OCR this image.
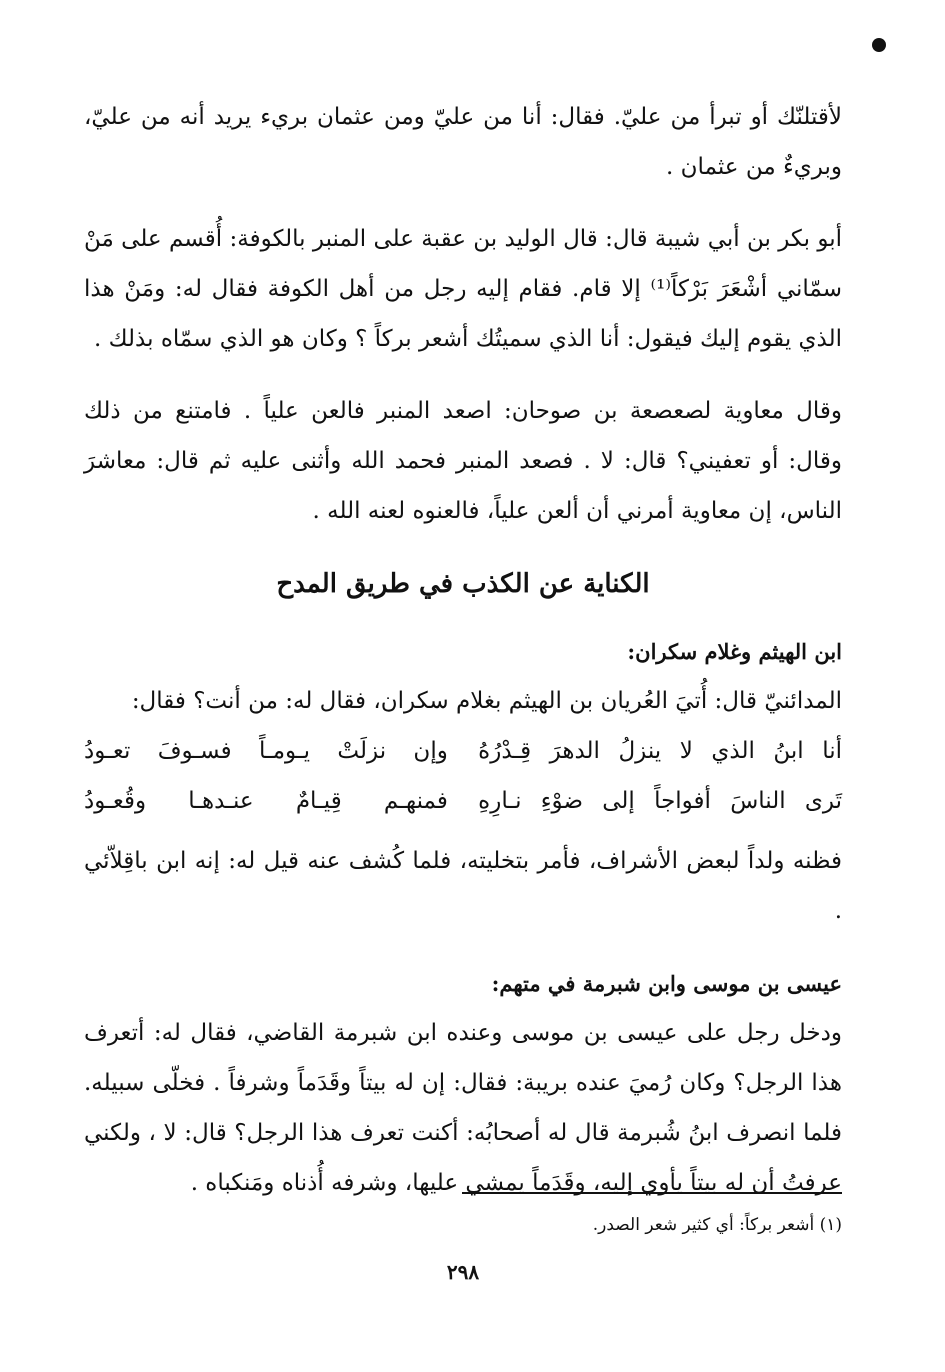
لأقتلنّك أو تبرأ من عليّ. فقال: أنا من عليّ ومن عثمان بريء يريد أنه من عليّ، وبريءٌ من عثمان .

أبو بكر بن أبي شيبة قال: قال الوليد بن عقبة على المنبر بالكوفة: أُقسم على مَنْ سمّاني أشْعَرَ بَرْكاً⁽¹⁾ إلا قام. فقام إليه رجل من أهل الكوفة فقال له: ومَنْ هذا الذي يقوم إليك فيقول: أنا الذي سميتُك أشعر بركاً ؟ وكان هو الذي سمّاه بذلك .

وقال معاوية لصعصعة بن صوحان: اصعد المنبر فالعن علياً . فامتنع من ذلك وقال: أو تعفيني؟ قال: لا . فصعد المنبر فحمد الله وأثنى عليه ثم قال: معاشرَ الناس، إن معاوية أمرني أن ألعن علياً، فالعنوه لعنه الله .

الكناية عن الكذب في طريق المدح
ابن الهيثم وغلام سكران:

المدائنيّ قال: أُتيَ العُريان بن الهيثم بغلام سكران، فقال له: من أنت؟ فقال:

أنا ابنُ الذي لا ينزلُ الدهرَ قِـدْرُهُ
وإن نزلَتْ يـومـاً فسـوفَ تعـودُ
تَرى الناسَ أفواجاً إلى ضوْءِ نـارِهِ
فمنهـم قِيـامٌ عنـدهـا وقُعـودُ

فظنه ولداً لبعض الأشراف، فأمر بتخليته، فلما كُشف عنه قيل له: إنه ابن باقِلاّئي .

عيسى بن موسى وابن شبرمة في متهم:

ودخل رجل على عيسى بن موسى وعنده ابن شبرمة القاضي، فقال له: أتعرف هذا الرجل؟ وكان رُميَ عنده بريبة: فقال: إن له بيتاً وقَدَماً وشرفاً . فخلّى سبيله. فلما انصرف ابنُ شُبرمة قال له أصحابُه: أكنت تعرف هذا الرجل؟ قال: لا ، ولكني عرفتُ أن له بيتاً يأوي إليه، وقَدَماً يمشي عليها، وشرفه أُذناه ومَنكباه .

(١) أشعر بركاً: أي كثير شعر الصدر.
٢٩٨
